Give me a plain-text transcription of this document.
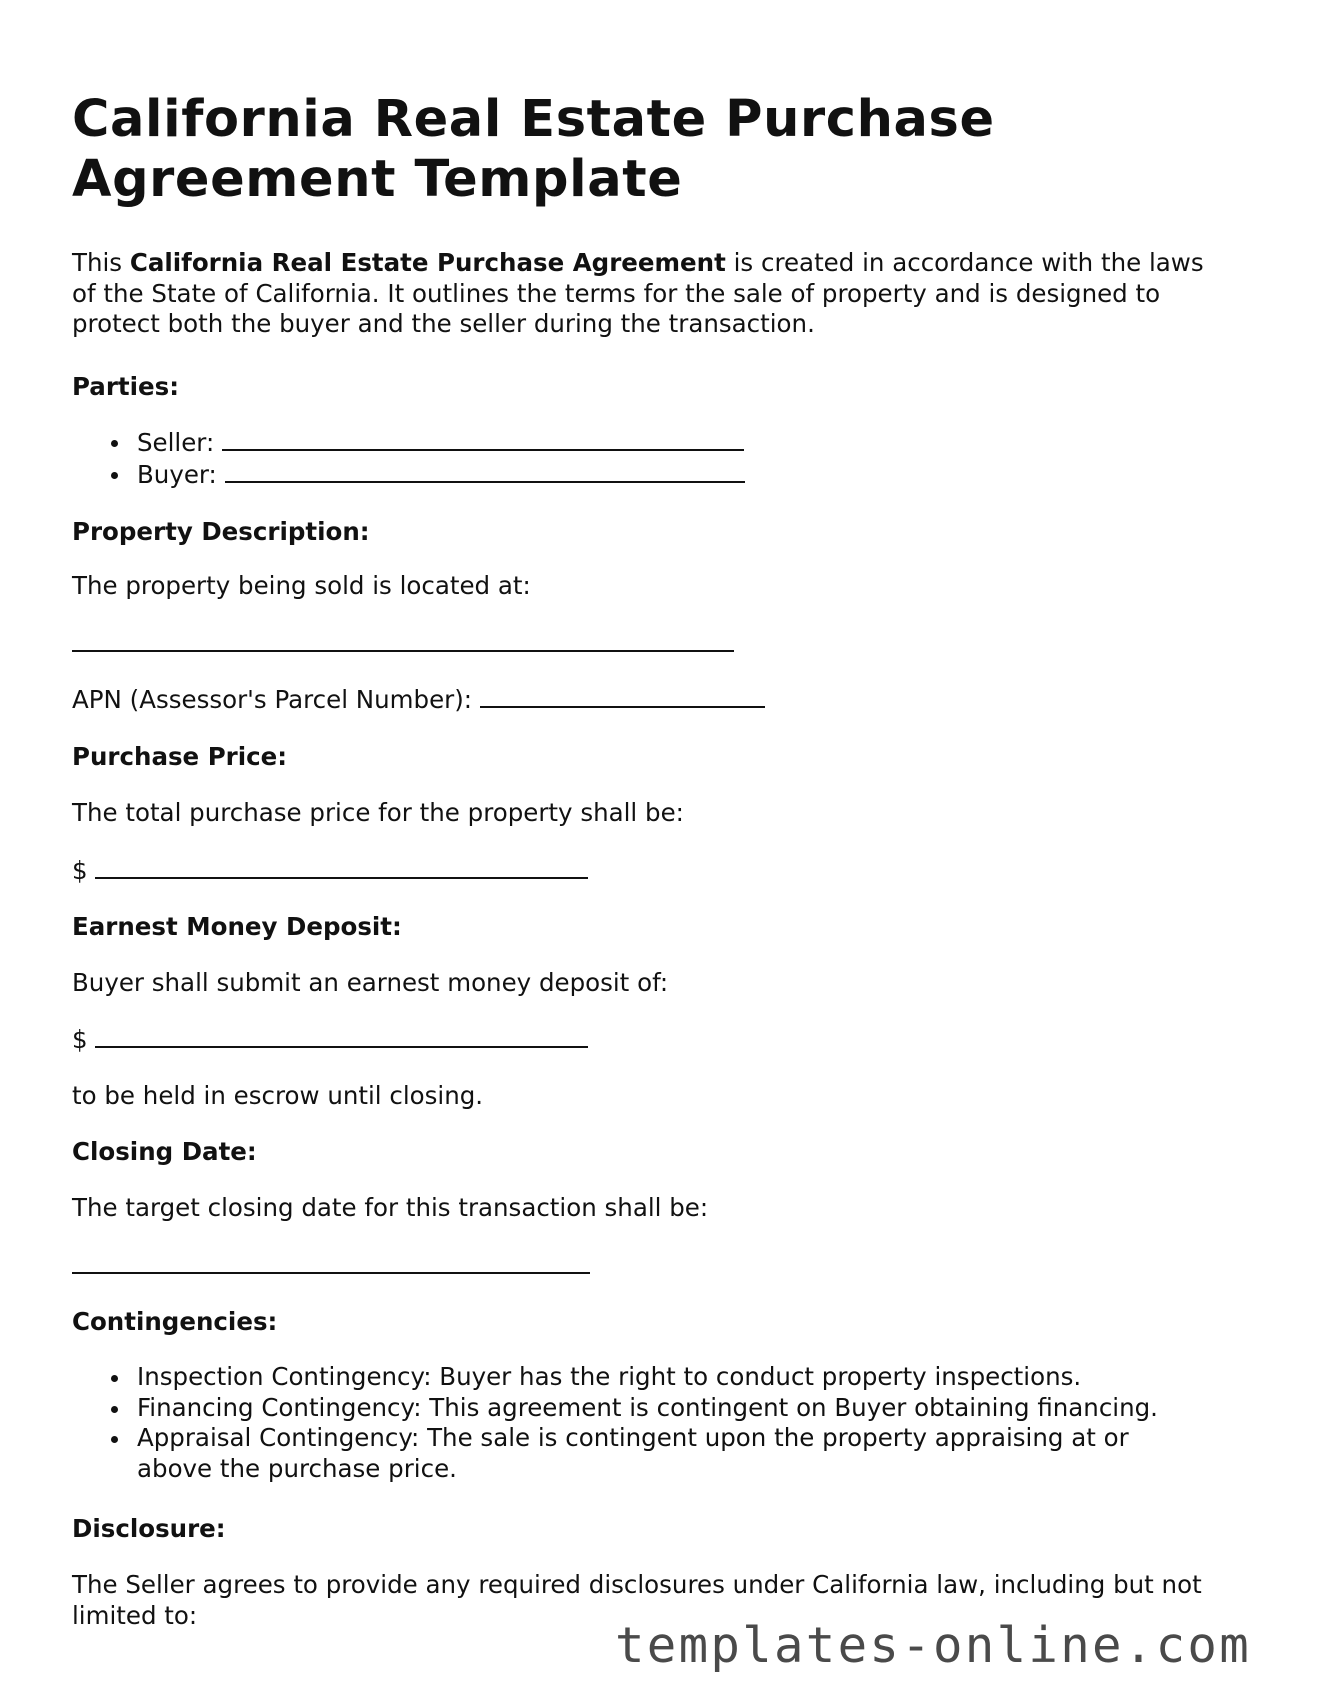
California Real Estate Purchase Agreement Template

This California Real Estate Purchase Agreement is created in accordance with the laws of the State of California. It outlines the terms for the sale of property and is designed to protect both the buyer and the seller during the transaction.

Parties:
Seller:
Buyer:
Property Description:
The property being sold is located at:
APN (Assessor's Parcel Number):
Purchase Price:
The total purchase price for the property shall be:
$
Earnest Money Deposit:
Buyer shall submit an earnest money deposit of:
$
to be held in escrow until closing.
Closing Date:
The target closing date for this transaction shall be:
Contingencies:
Inspection Contingency: Buyer has the right to conduct property inspections.
Financing Contingency: This agreement is contingent on Buyer obtaining financing.
Appraisal Contingency: The sale is contingent upon the property appraising at or above the purchase price.
Disclosure:

The Seller agrees to provide any required disclosures under California law, including but not limited to:

templates-online.com
